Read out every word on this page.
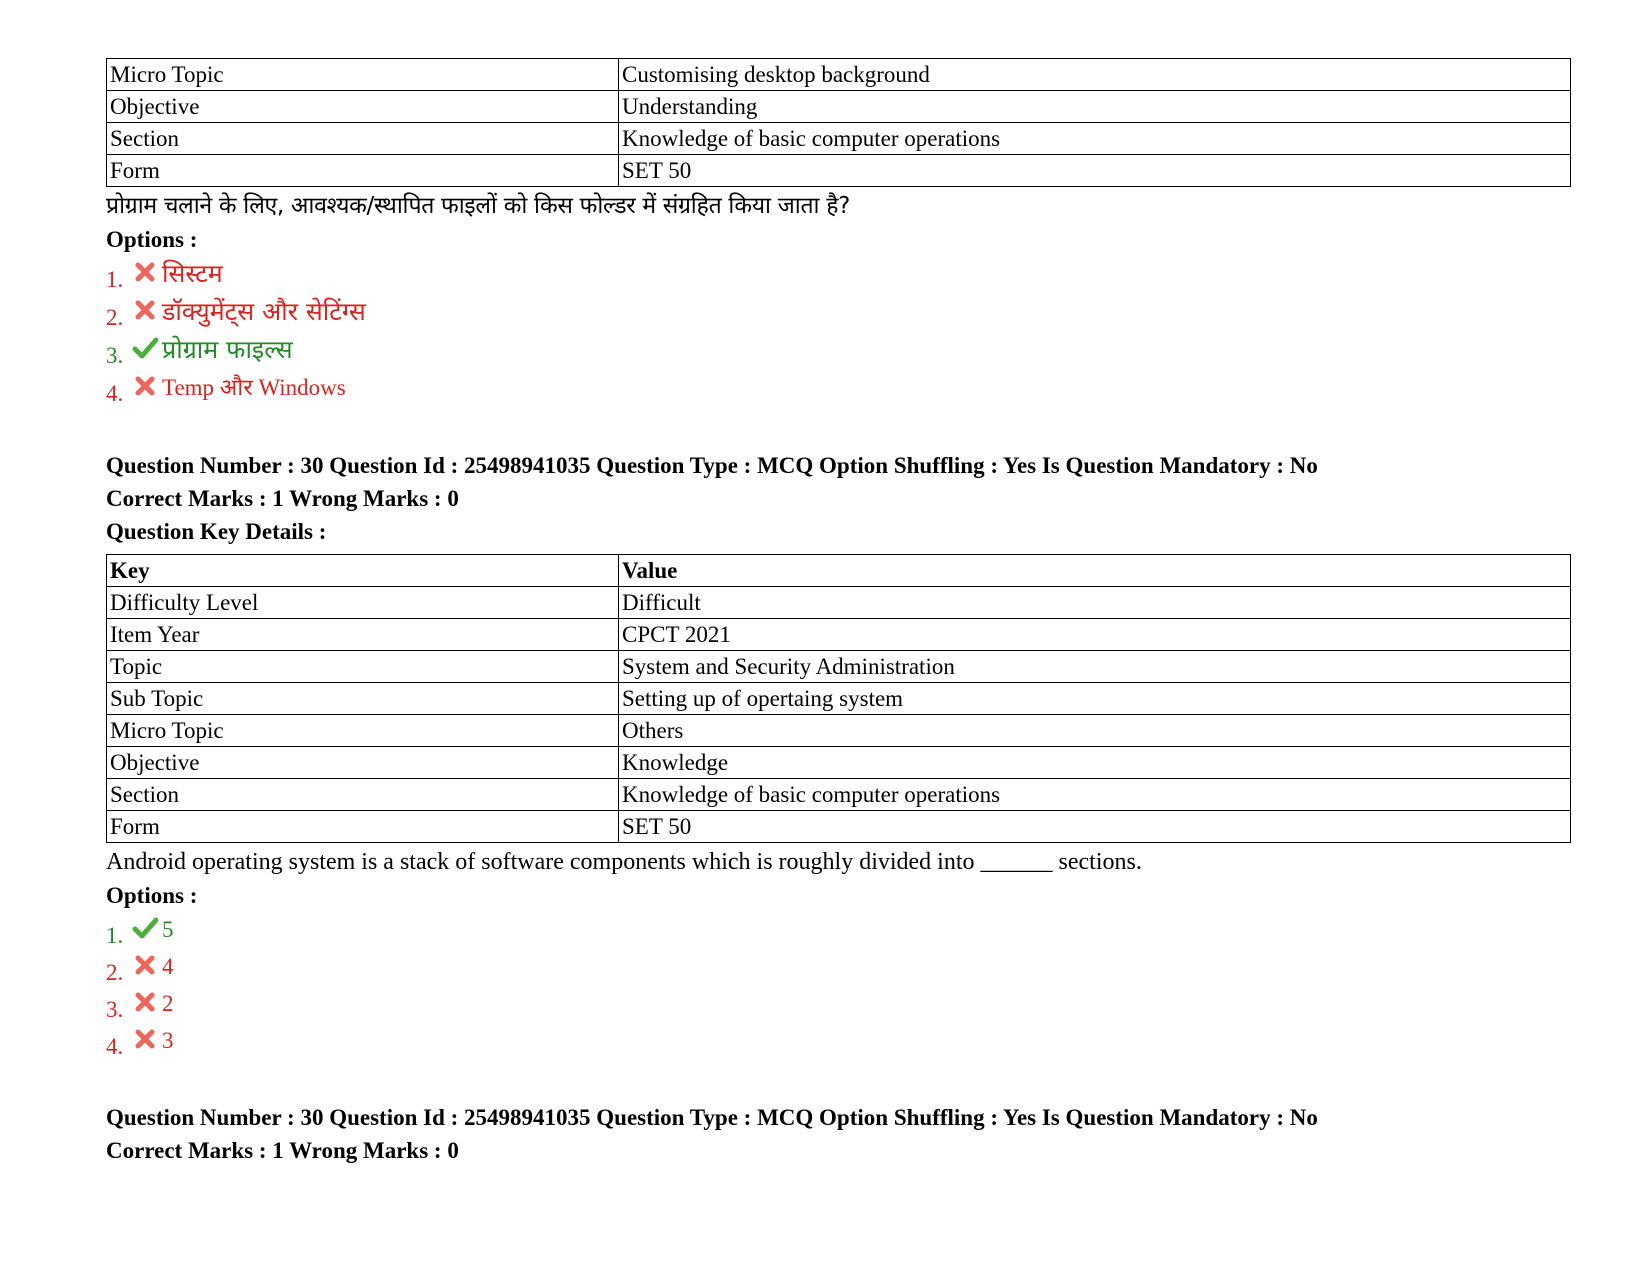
Micro Topic	Customising desktop background
Objective	Understanding
Section	Knowledge of basic computer operations
Form	SET 50
प्रोग्राम चलाने के लिए, आवश्यक/स्थापित फाइलों को किस फोल्डर में संग्रहित किया जाता है?
Options :
1. सिस्टम
2. डॉक्युमेंट्स और सेटिंग्स
3. प्रोग्राम फाइल्स
4. Temp और Windows
Question Number : 30 Question Id : 25498941035 Question Type : MCQ Option Shuffling : Yes Is Question Mandatory : No
Correct Marks : 1 Wrong Marks : 0
Question Key Details :
Key	Value
Difficulty Level	Difficult
Item Year	CPCT 2021
Topic	System and Security Administration
Sub Topic	Setting up of opertaing system
Micro Topic	Others
Objective	Knowledge
Section	Knowledge of basic computer operations
Form	SET 50
Android operating system is a stack of software components which is roughly divided into ______ sections.
Options :
1. 5
2. 4
3. 2
4. 3
Question Number : 30 Question Id : 25498941035 Question Type : MCQ Option Shuffling : Yes Is Question Mandatory : No
Correct Marks : 1 Wrong Marks : 0
